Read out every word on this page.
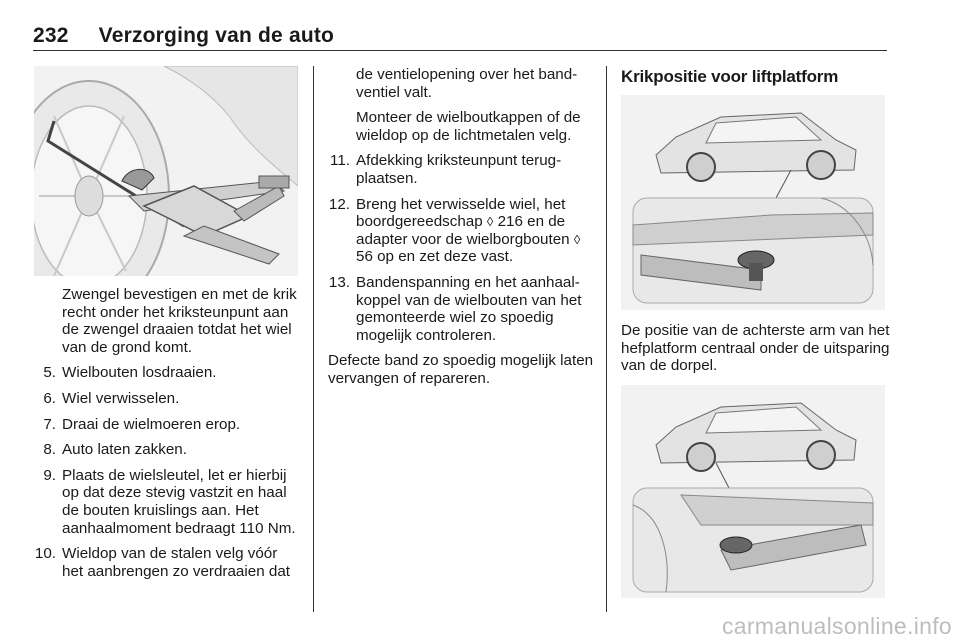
232 Verzorging van de auto

Zwengel bevestigen en met de krik recht onder het kriksteunpunt aan de zwengel draaien totdat het wiel van de grond komt.

5. Wielbouten losdraaien.
6. Wiel verwisselen.
7. Draai de wielmoeren erop.
8. Auto laten zakken.
9. Plaats de wielsleutel, let er hierbij op dat deze stevig vastzit en haal de bouten kruislings aan. Het aanhaalmoment bedraagt 110 Nm.
10. Wieldop van de stalen velg vóór het aanbrengen zo verdraaien dat

de ventielopening over het band-ventiel valt.

Monteer de wielboutkappen of de wieldop op de lichtmetalen velg.

11. Afdekking kriksteunpunt terug-plaatsen.
12. Breng het verwisselde wiel, het boordgereedschap ◊ 216 en de adapter voor de wielborgbouten ◊ 56 op en zet deze vast.
13. Bandenspanning en het aanhaal-koppel van de wielbouten van het gemonteerde wiel zo spoedig mogelijk controleren.

Defecte band zo spoedig mogelijk laten vervangen of repareren.

Krikpositie voor liftplatform

De positie van de achterste arm van het hefplatform centraal onder de uitsparing van de dorpel.

carmanualsonline.info
